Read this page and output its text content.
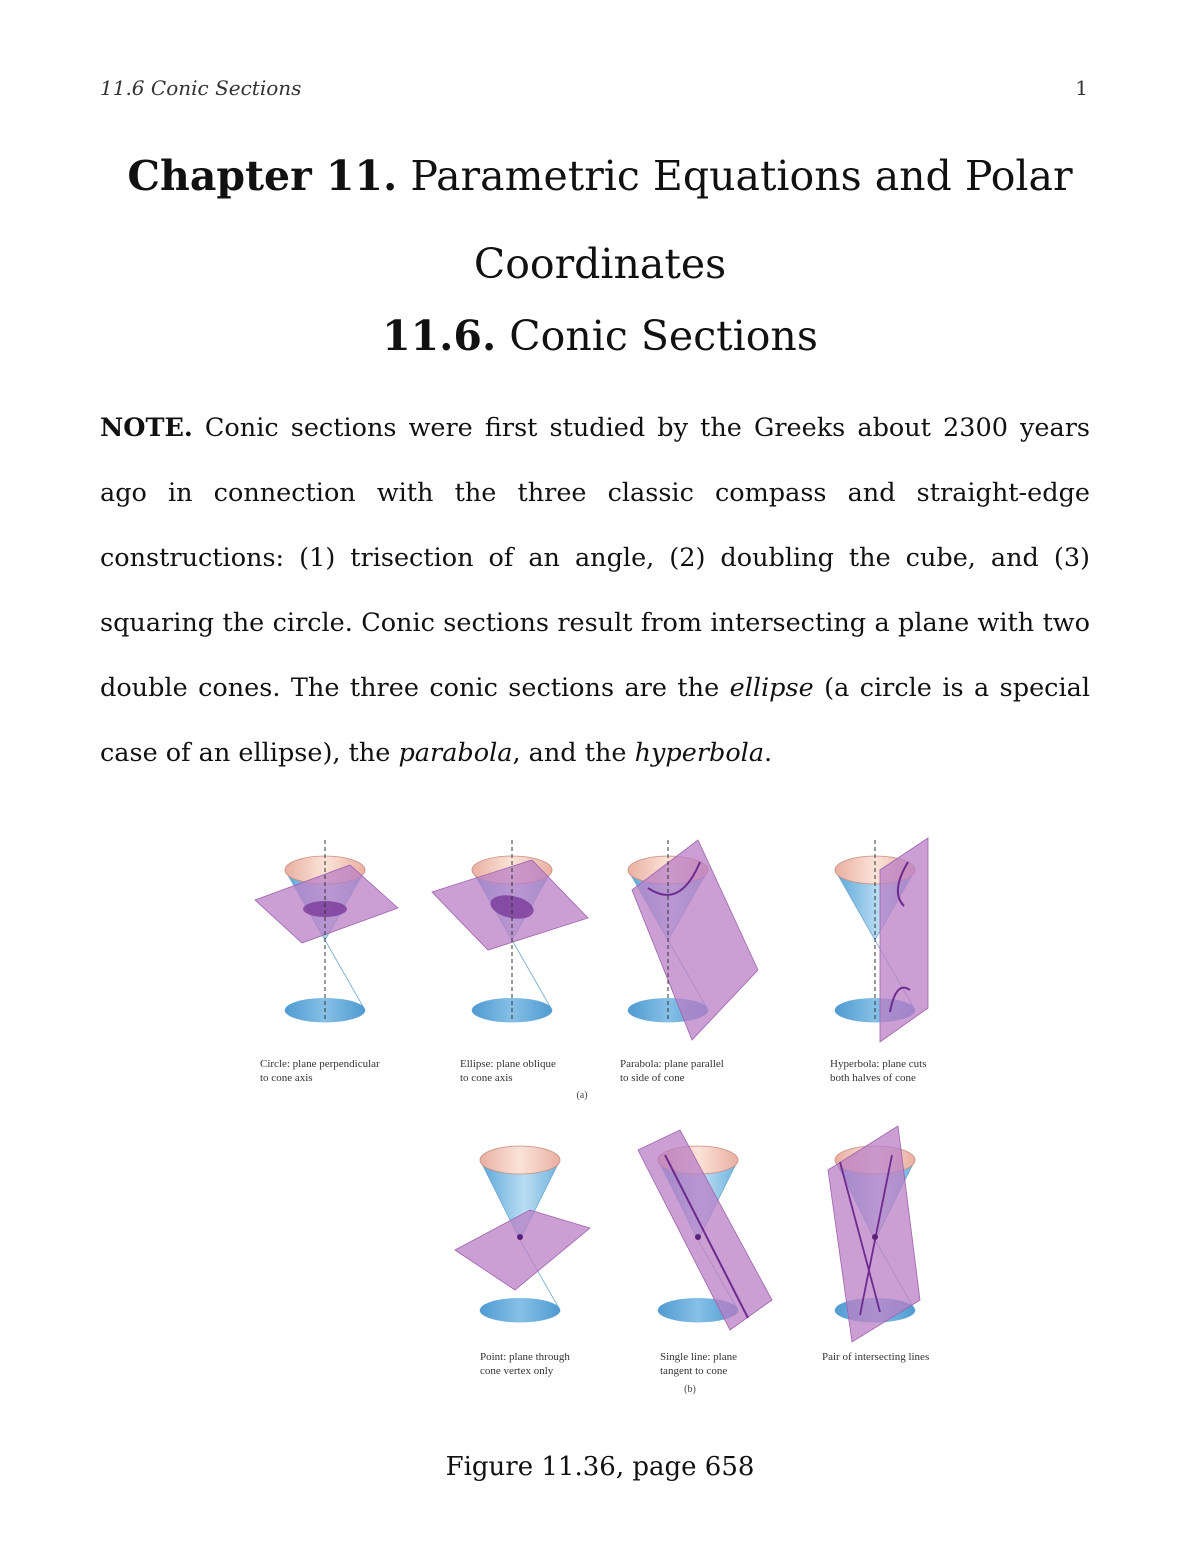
11.6 Conic Sections	1
Chapter 11. Parametric Equations and Polar
Coordinates
11.6. Conic Sections

NOTE. Conic sections were first studied by the Greeks about 2300 years ago in connection with the three classic compass and straight-edge constructions: (1) trisection of an angle, (2) doubling the cube, and (3) squaring the circle. Conic sections result from intersecting a plane with two double cones. The three conic sections are the ellipse (a circle is a special case of an ellipse), the parabola, and the hyperbola.

Circle: plane perpendicular
to cone axis
Ellipse: plane oblique
to cone axis
Parabola: plane parallel
to side of cone
Hyperbola: plane cuts
both halves of cone
(a)
Point: plane through
cone vertex only
Single line: plane
tangent to cone
(b)
Pair of intersecting lines
Figure 11.36, page 658
